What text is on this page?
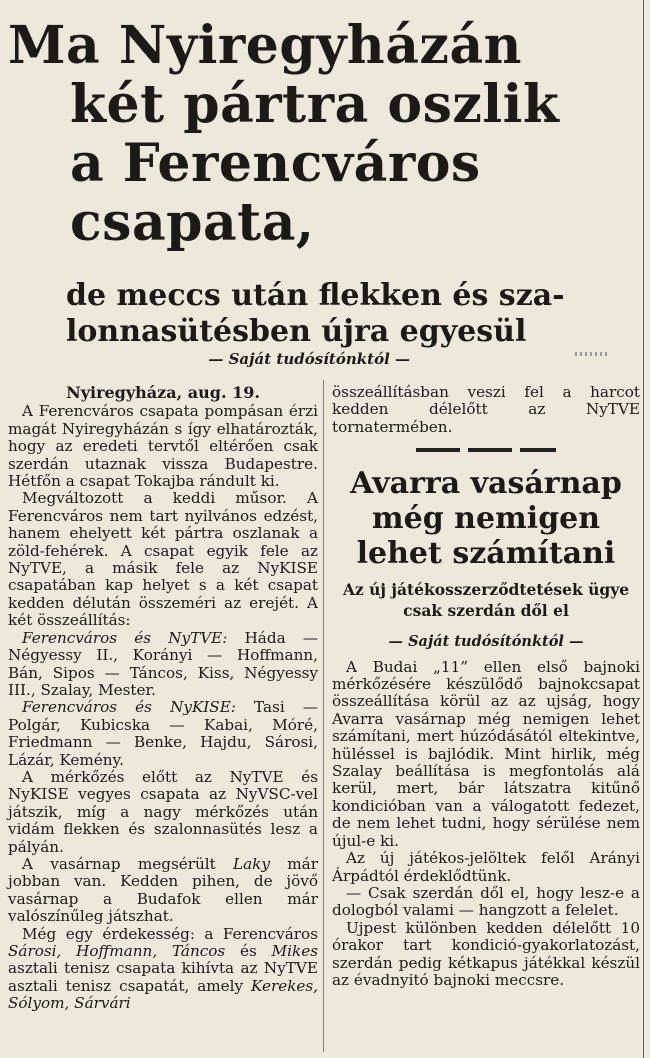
Ma Nyiregyházán
két pártra oszlik
a Ferencváros
csapata,
de meccs után flekken és sza-
lonnasütésben újra egyesül
— Saját tudósítónktól —
Nyiregyháza, aug. 19.

A Ferencváros csapata pompásan érzi magát Nyiregyházán s így elhatározták, hogy az eredeti tervtől eltérően csak szerdán utaznak vissza Budapestre. Hétfőn a csapat Tokajba rándult ki.

Megváltozott a keddi műsor. A Ferencváros nem tart nyilvános edzést, hanem ehelyett két pártra oszlanak a zöld-fehérek. A csapat egyik fele az NyTVE, a másik fele az NyKISE csapatában kap helyet s a két csapat kedden délután összeméri az erejét. A két összeállítás:

Ferencváros és NyTVE: Háda — Négyessy II., Korányi — Hoffmann, Bán, Sipos — Táncos, Kiss, Négyessy III., Szalay, Mester.

Ferencváros és NyKISE: Tasi — Polgár, Kubicska — Kabai, Móré, Friedmann — Benke, Hajdu, Sárosi, Lázár, Kemény.

A mérkőzés előtt az NyTVE és NyKISE vegyes csapata az NyVSC-vel játszik, míg a nagy mérkőzés után vidám flekken és szalonnasütés lesz a pályán.

A vasárnap megsérült Laky már jobban van. Kedden pihen, de jövő vasárnap a Budafok ellen már valószínűleg játszhat.

Még egy érdekesség: a Ferencváros Sárosi, Hoffmann, Táncos és Mikes asztali tenisz csapata kihívta az NyTVE asztali tenisz csapatát, amely Kerekes, Sólyom, Sárvári

összeállításban veszi fel a harcot kedden délelőtt az NyTVE tornatermében.

Avarra vasárnap
még nemigen
lehet számítani
Az új játékosszerződtetések ügye csak szerdán dől el
— Saját tudósítónktól —

A Budai „11” ellen első bajnoki mérkőzésére készülődő bajnokcsapat összeállítása körül az az ujság, hogy Avarra vasárnap még nemigen lehet számítani, mert húzódásától eltekintve, hüléssel is bajlódik. Mint hirlik, még Szalay beállítása is megfontolás alá kerül, mert, bár látszatra kitűnő kondicióban van a válogatott fedezet, de nem lehet tudni, hogy sérülése nem újul-e ki.

Az új játékos-jelöltek felől Arányi Árpádtól érdeklődtünk.

— Csak szerdán dől el, hogy lesz-e a dologból valami — hangzott a felelet.

Ujpest különben kedden délelőtt 10 órakor tart kondició-gyakorlatozást, szerdán pedig kétkapus játékkal készül az évadnyitó bajnoki meccsre.
